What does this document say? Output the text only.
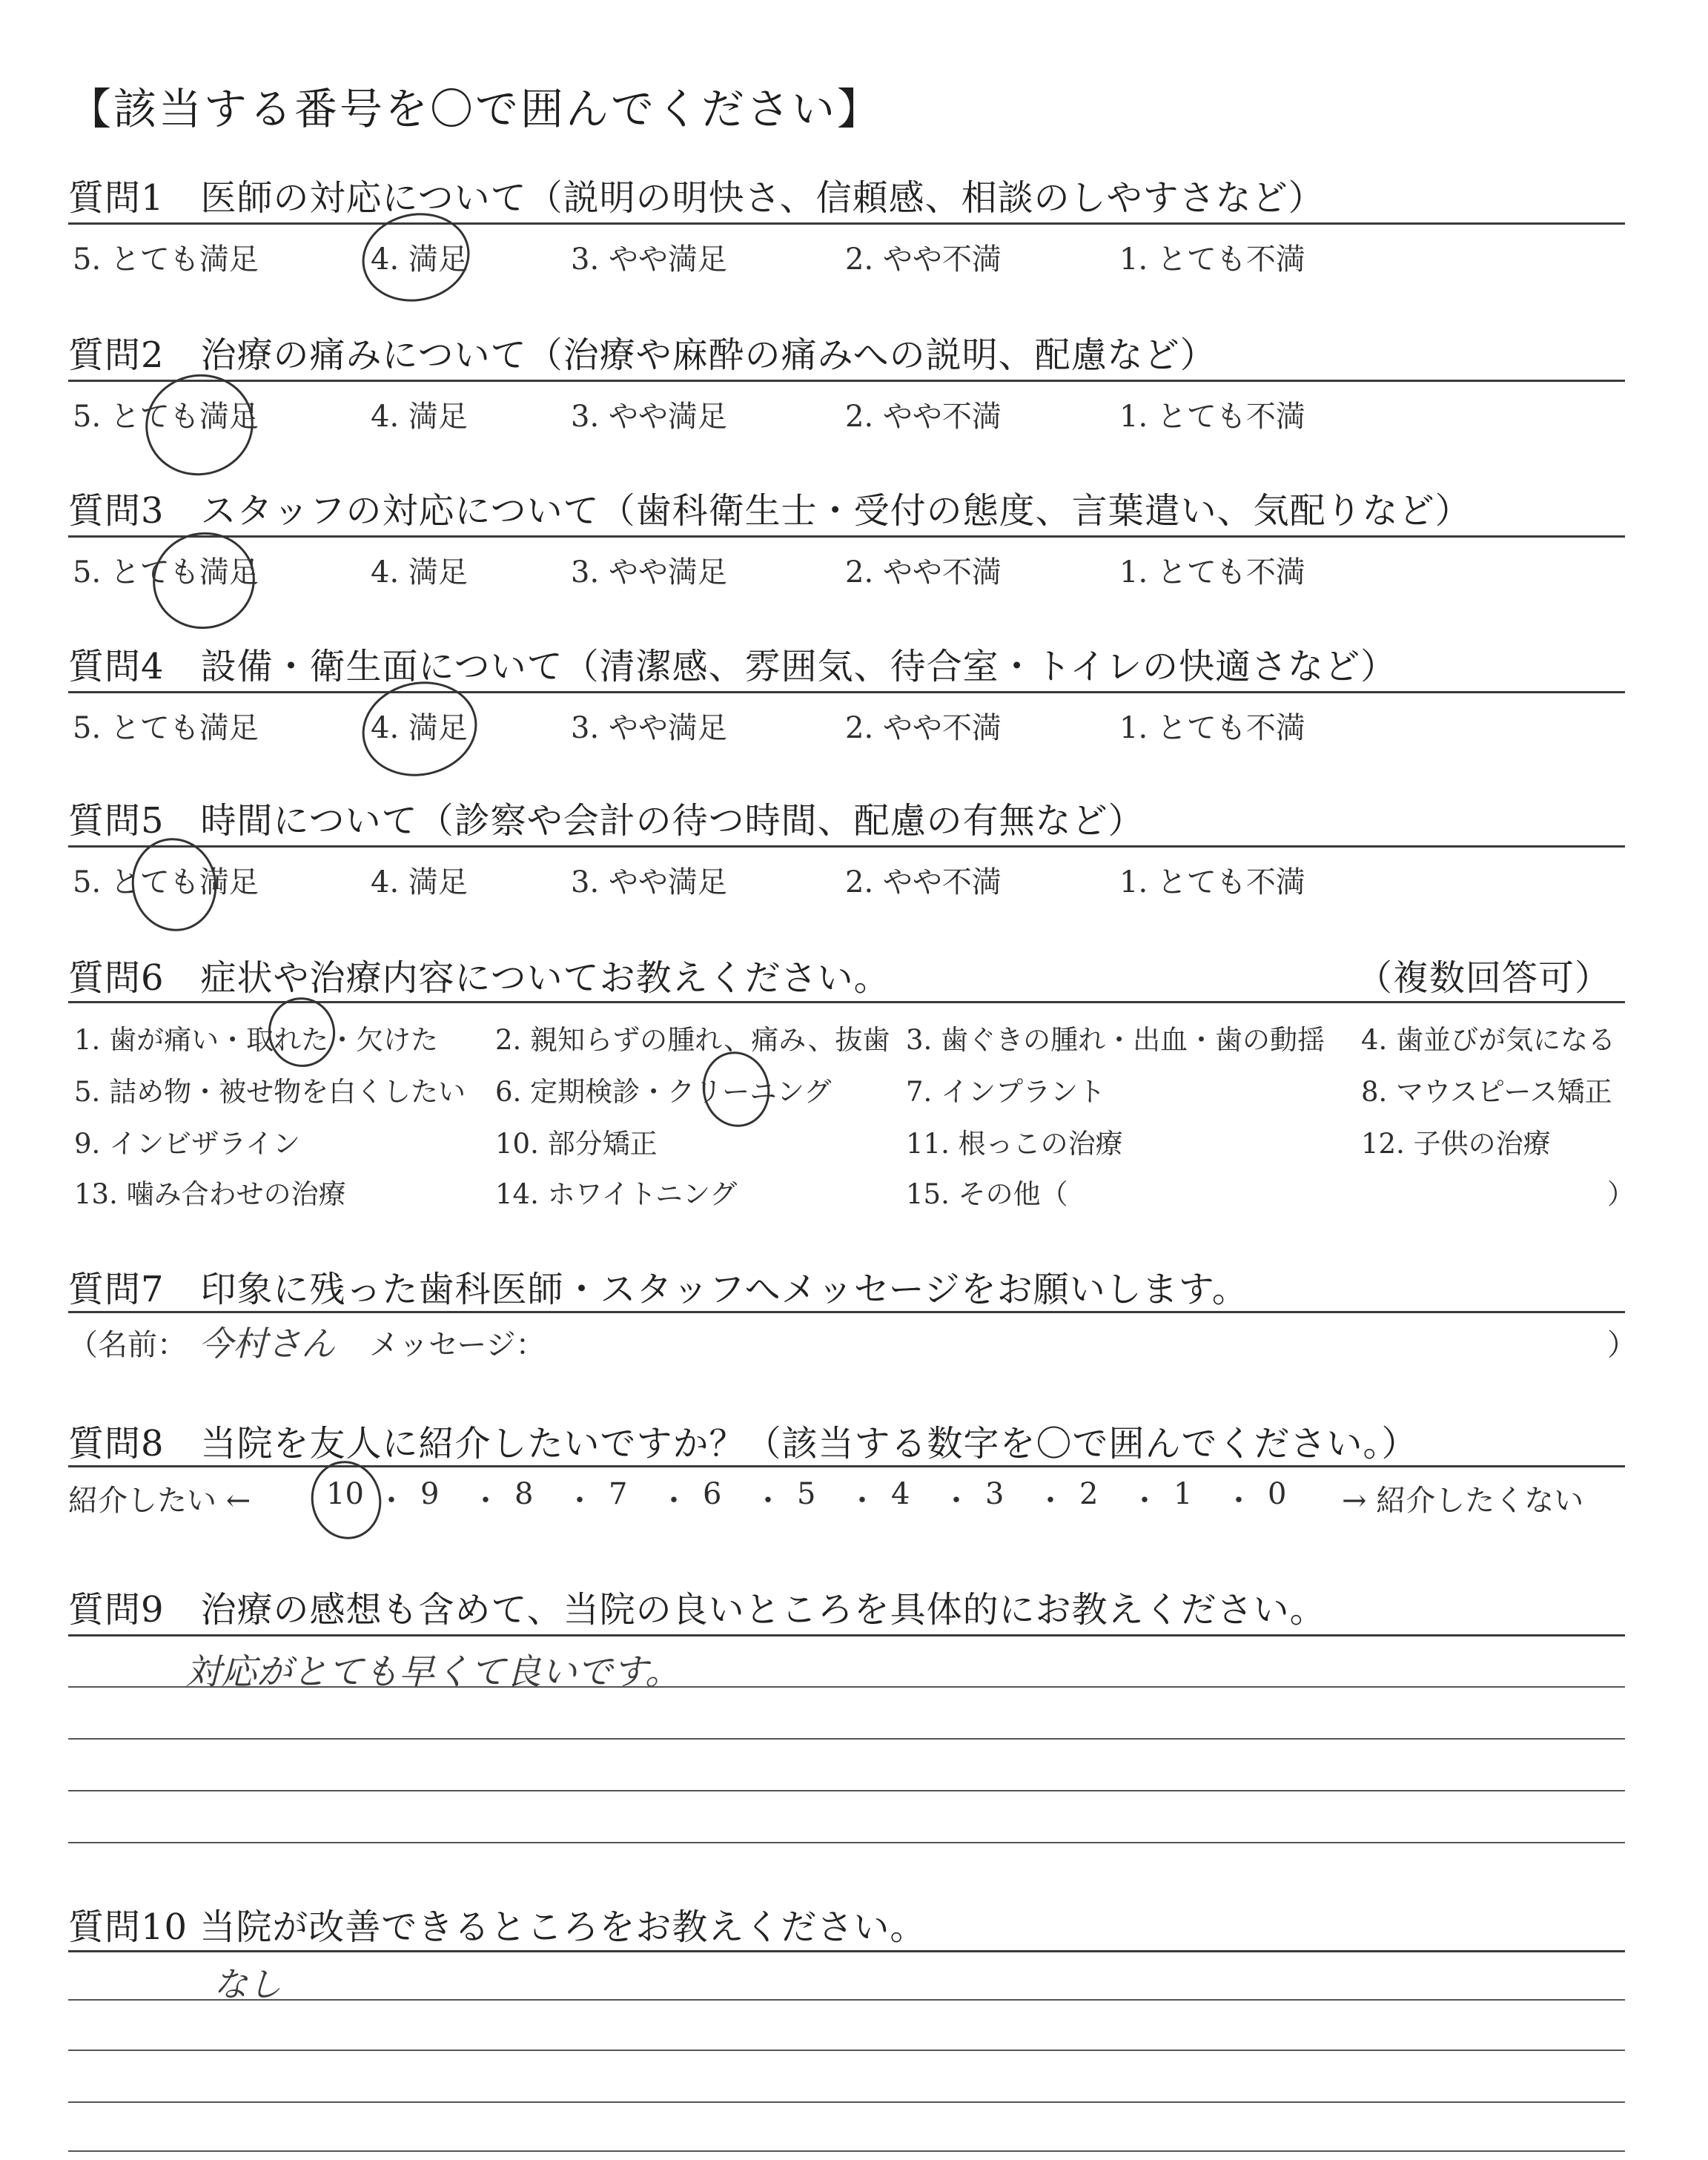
【該当する番号を〇で囲んでください】
質問1　医師の対応について（説明の明快さ、信頼感、相談のしやすさなど）
5. とても満足	4. 満足	3. やや満足	2. やや不満	1. とても不満
質問2　治療の痛みについて（治療や麻酔の痛みへの説明、配慮など）
5. とても満足	4. 満足	3. やや満足	2. やや不満	1. とても不満
質問3　スタッフの対応について（歯科衛生士・受付の態度、言葉遣い、気配りなど）
5. とても満足	4. 満足	3. やや満足	2. やや不満	1. とても不満
質問4　設備・衛生面について（清潔感、雰囲気、待合室・トイレの快適さなど）
5. とても満足	4. 満足	3. やや満足	2. やや不満	1. とても不満
質問5　時間について（診察や会計の待つ時間、配慮の有無など）
5. とても満足	4. 満足	3. やや満足	2. やや不満	1. とても不満
質問6　症状や治療内容についてお教えください。	（複数回答可）
1. 歯が痛い・取れた・欠けた 2. 親知らずの腫れ、痛み、抜歯 3. 歯ぐきの腫れ・出血・歯の動揺 4. 歯並びが気になる
5. 詰め物・被せ物を白くしたい 6. 定期検診・クリーニング	7. インプラント	8. マウスピース矯正
9. インビザライン	10. 部分矯正	11. 根っこの治療	12. 子供の治療
13. 噛み合わせの治療	14. ホワイトニング	15. その他（	）
質問7　印象に残った歯科医師・スタッフへメッセージをお願いします。
（名前： 今村さん メッセージ：	）
質問8　当院を友人に紹介したいですか？（該当する数字を〇で囲んでください。）
紹介したい ←	→ 紹介したくない
10 ・ 9 ・ 8 ・ 7 ・ 6 ・ 5 ・ 4 ・ 3 ・ 2 ・ 1 ・ 0
質問9　治療の感想も含めて、当院の良いところを具体的にお教えください。
対応がとても早くて良いです。
質問10 当院が改善できるところをお教えください。
なし
